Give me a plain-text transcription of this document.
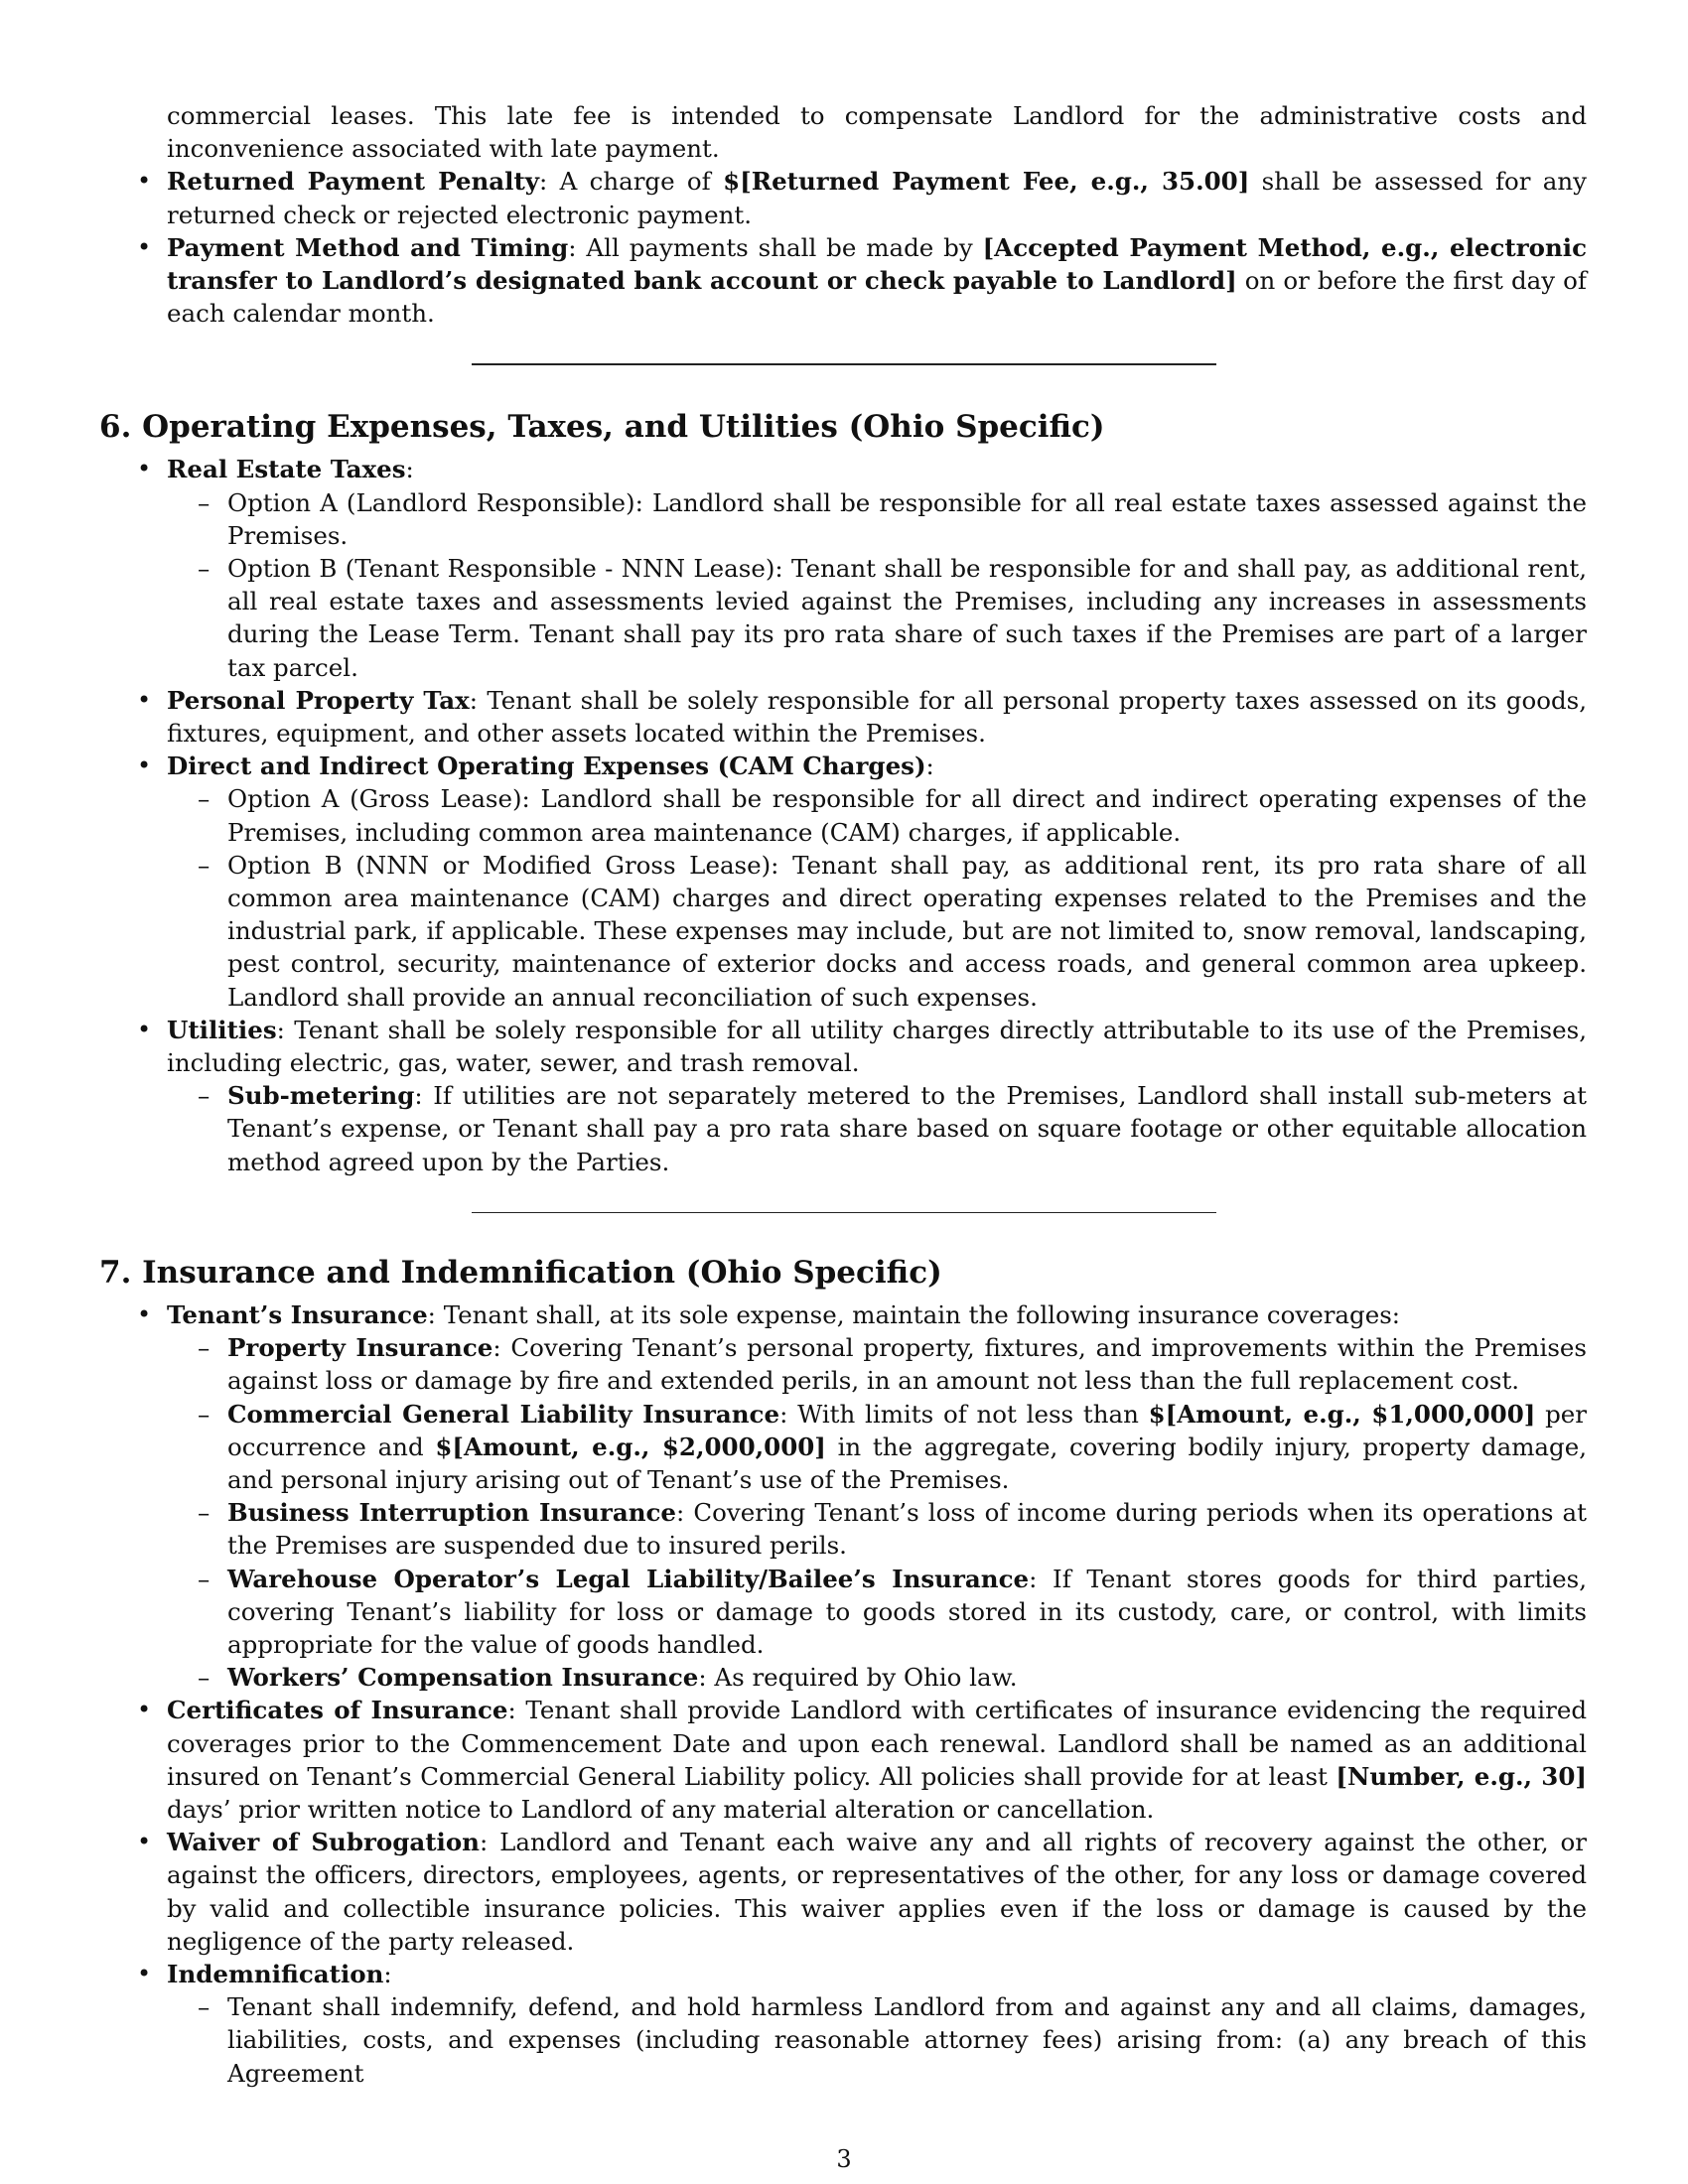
commercial leases. This late fee is intended to compensate Landlord for the administrative costs and inconvenience associated with late payment.
• Returned Payment Penalty: A charge of $[Returned Payment Fee, e.g., 35.00] shall be assessed for any returned check or rejected electronic payment.
• Payment Method and Timing: All payments shall be made by [Accepted Payment Method, e.g., electronic transfer to Landlord’s designated bank account or check payable to Landlord] on or before the first day of each calendar month.
6. Operating Expenses, Taxes, and Utilities (Ohio Specific)
• Real Estate Taxes:
– Option A (Landlord Responsible): Landlord shall be responsible for all real estate taxes assessed against the Premises.
– Option B (Tenant Responsible - NNN Lease): Tenant shall be responsible for and shall pay, as additional rent, all real estate taxes and assessments levied against the Premises, including any increases in assessments during the Lease Term. Tenant shall pay its pro rata share of such taxes if the Premises are part of a larger tax parcel.
• Personal Property Tax: Tenant shall be solely responsible for all personal property taxes assessed on its goods, fixtures, equipment, and other assets located within the Premises.
• Direct and Indirect Operating Expenses (CAM Charges):
– Option A (Gross Lease): Landlord shall be responsible for all direct and indirect operating expenses of the Premises, including common area maintenance (CAM) charges, if applicable.
– Option B (NNN or Modified Gross Lease): Tenant shall pay, as additional rent, its pro rata share of all common area maintenance (CAM) charges and direct operating expenses related to the Premises and the industrial park, if applicable. These expenses may include, but are not limited to, snow removal, landscaping, pest control, security, maintenance of exterior docks and access roads, and general common area upkeep. Landlord shall provide an annual reconciliation of such expenses.
• Utilities: Tenant shall be solely responsible for all utility charges directly attributable to its use of the Premises, including electric, gas, water, sewer, and trash removal.
– Sub-metering: If utilities are not separately metered to the Premises, Landlord shall install sub-meters at Tenant’s expense, or Tenant shall pay a pro rata share based on square footage or other equitable allocation method agreed upon by the Parties.
7. Insurance and Indemnification (Ohio Specific)
• Tenant’s Insurance: Tenant shall, at its sole expense, maintain the following insurance coverages:
– Property Insurance: Covering Tenant’s personal property, fixtures, and improvements within the Premises against loss or damage by fire and extended perils, in an amount not less than the full replacement cost.
– Commercial General Liability Insurance: With limits of not less than $[Amount, e.g., $1,000,000] per occurrence and $[Amount, e.g., $2,000,000] in the aggregate, covering bodily injury, property damage, and personal injury arising out of Tenant’s use of the Premises.
– Business Interruption Insurance: Covering Tenant’s loss of income during periods when its operations at the Premises are suspended due to insured perils.
– Warehouse Operator’s Legal Liability/Bailee’s Insurance: If Tenant stores goods for third parties, covering Tenant’s liability for loss or damage to goods stored in its custody, care, or control, with limits appropriate for the value of goods handled.
– Workers’ Compensation Insurance: As required by Ohio law.
• Certificates of Insurance: Tenant shall provide Landlord with certificates of insurance evidencing the required coverages prior to the Commencement Date and upon each renewal. Landlord shall be named as an additional insured on Tenant’s Commercial General Liability policy. All policies shall provide for at least [Number, e.g., 30] days’ prior written notice to Landlord of any material alteration or cancellation.
• Waiver of Subrogation: Landlord and Tenant each waive any and all rights of recovery against the other, or against the officers, directors, employees, agents, or representatives of the other, for any loss or damage covered by valid and collectible insurance policies. This waiver applies even if the loss or damage is caused by the negligence of the party released.
• Indemnification:
– Tenant shall indemnify, defend, and hold harmless Landlord from and against any and all claims, damages, liabilities, costs, and expenses (including reasonable attorney fees) arising from: (a) any breach of this Agreement
3
